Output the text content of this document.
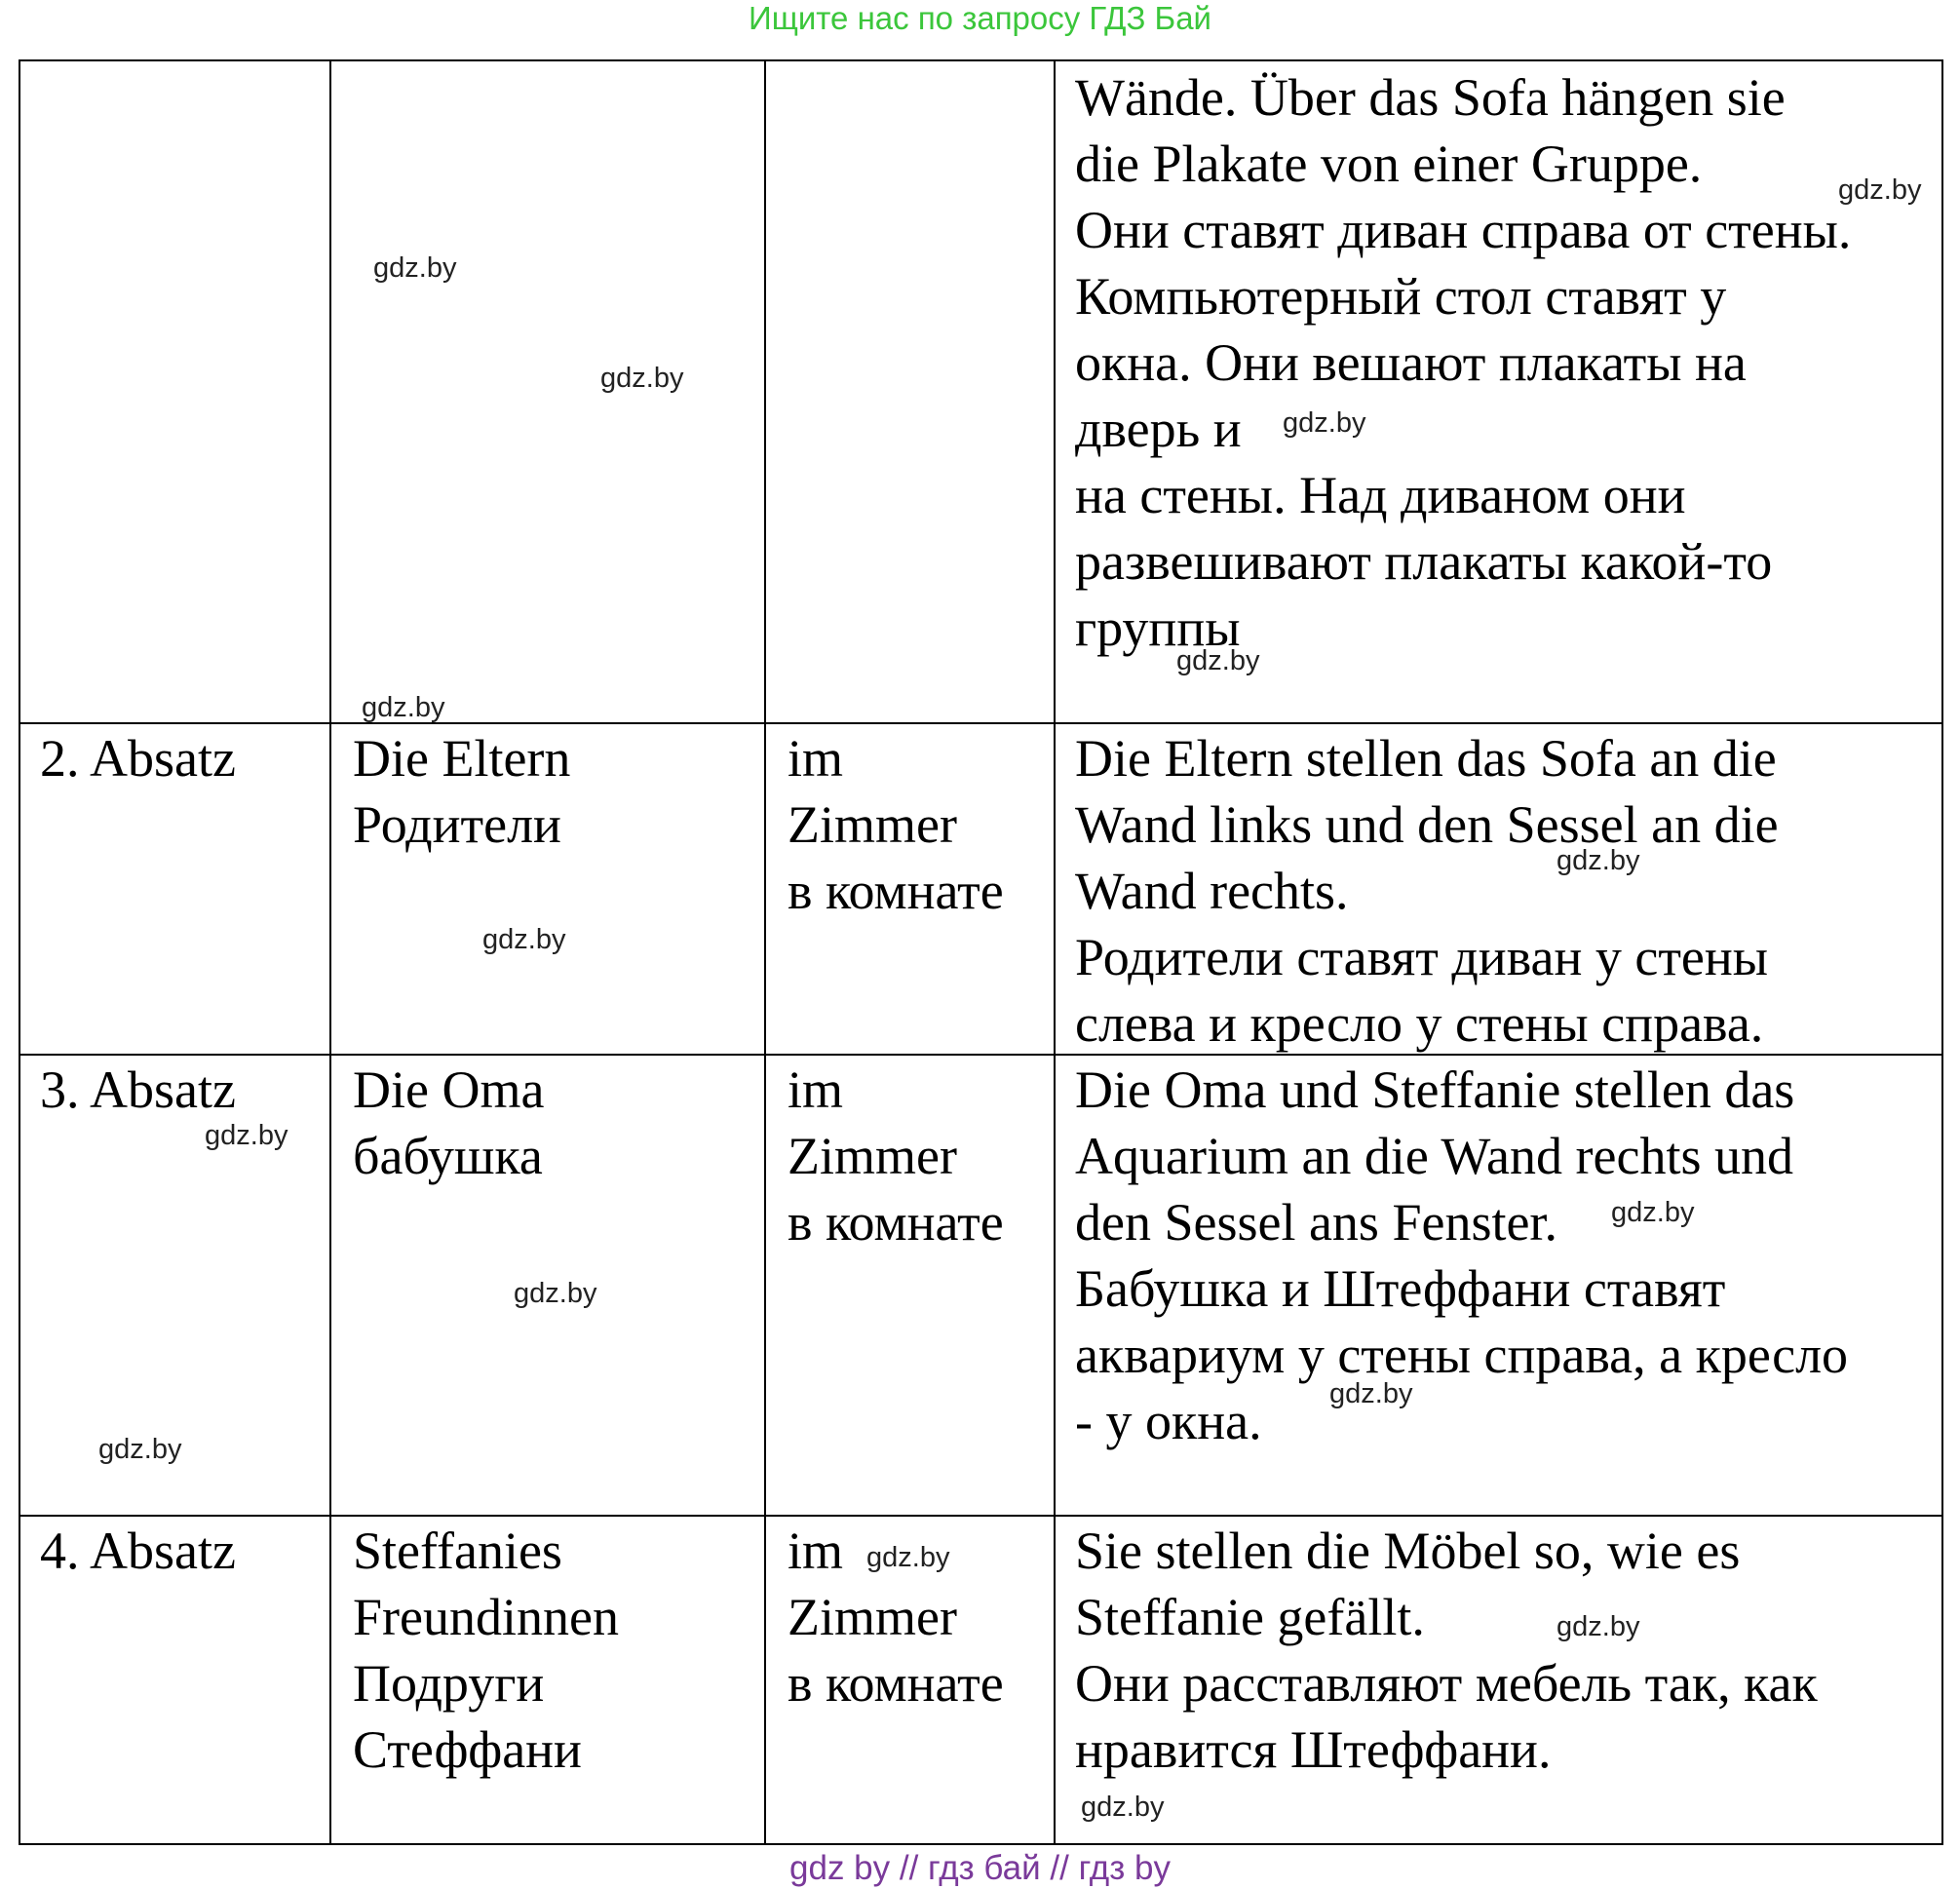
Ищите нас по запросу ГДЗ Бай

Wände. Über das Sofa hängen sie
die Plakate von einer Gruppe.
Они ставят диван справа от стены.
Компьютерный стол ставят у
окна. Они вешают плакаты на
дверь и

на стены. Над диваном они
развешивают плакаты какой-то
группы

2. Absatz Die Eltern
Родители

im
Zimmer
в комнате

Die Eltern stellen das Sofa an die
Wand links und den Sessel an die
Wand rechts.
Родители ставят диван у стены
слева и кресло у стены справа.

3. Absatz Die Oma
бабушка

im
Zimmer
в комнате

Die Oma und Steffanie stellen das
Aquarium an die Wand rechts und
den Sessel ans Fenster.
Бабушка и Штеффани ставят
аквариум у стены справа, а кресло
- у окна.

4. Absatz Steffanies
Freundinnen
Подруги
Стеффани

im
Zimmer
в комнате

Sie stellen die Möbel so, wie es
Steffanie gefällt.
Они расставляют мебель так, как
нравится Штеффани.

gdz.by
gdz.by
gdz.by
gdz.by
gdz.by
gdz.by
gdz.by
gdz.by
gdz.by
gdz.by
gdz.by
gdz.by
gdz.by
gdz.by
gdz.by
gdz.by
gdz by // гдз бай // гдз by
